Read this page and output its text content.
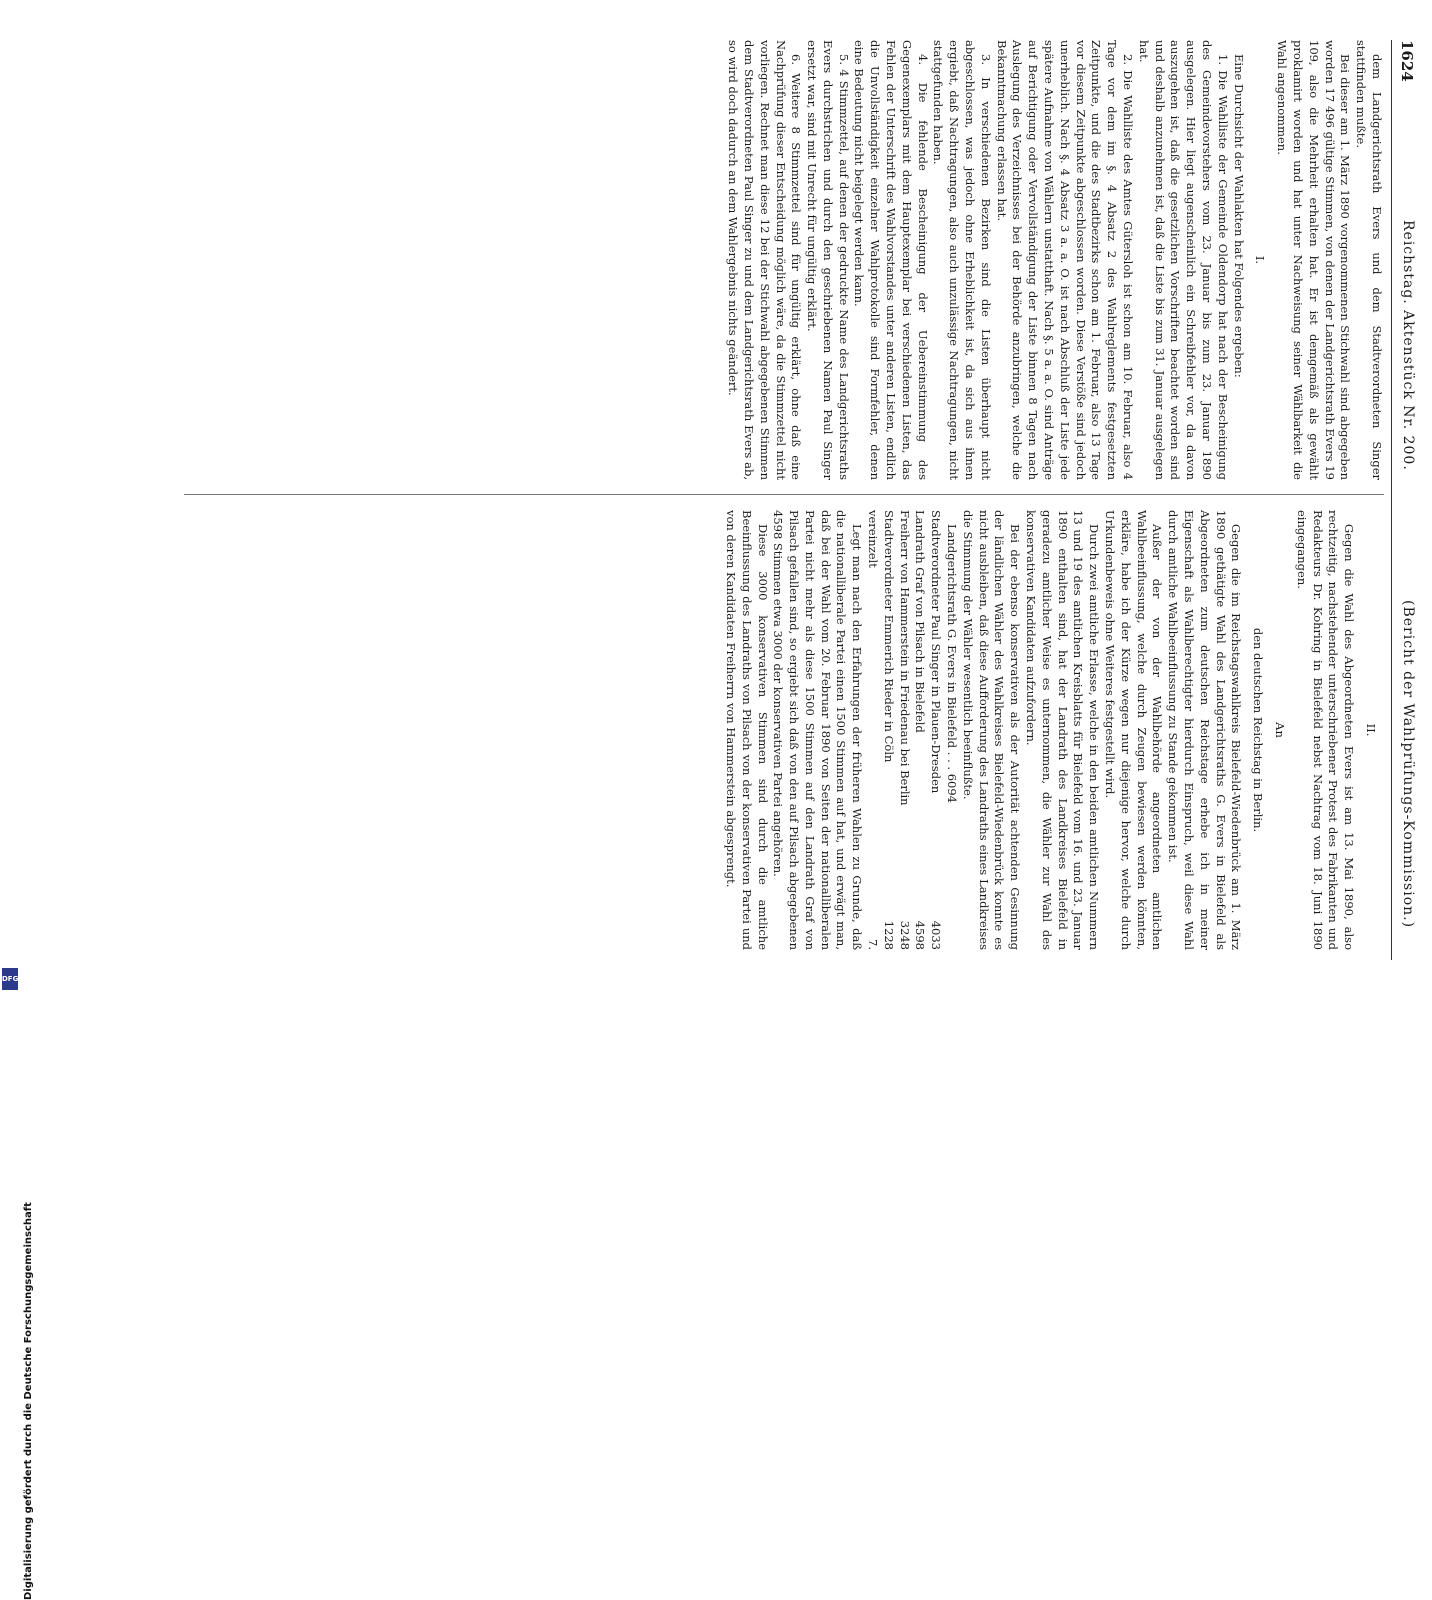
1624
Reichstag. Aktenstück Nr. 200.
(Bericht der Wahlprüfungs-Kommission.)

dem Landgerichtsrath Evers und dem Stadtverordneten Singer stattfinden mußte.

Bei dieser am 1. März 1890 vorgenommenen Stichwahl sind abgegeben worden 17 496 gültige Stimmen, von denen der Landgerichtsrath Evers 19 109, also die Mehrheit erhalten hat. Er ist demgemäß als gewählt proklamirt worden und hat unter Nachweisung seiner Wählbarkeit die Wahl angenommen.

I.

Eine Durchsicht der Wahlakten hat Folgendes ergeben:

1. Die Wahlliste der Gemeinde Oldendorp hat nach der Bescheinigung des Gemeindevorstehers vom 23. Januar bis zum 23. Januar 1890 ausgelegen. Hier liegt augenscheinlich ein Schreibfehler vor, da davon auszugehen ist, daß die gesetzlichen Vorschriften beachtet worden sind und deshalb anzunehmen ist, daß die Liste bis zum 31. Januar ausgelegen hat.

2. Die Wahlliste des Amtes Gütersloh ist schon am 10. Februar, also 4 Tage vor dem im §. 4 Absatz 2 des Wahlreglements festgesetzten Zeitpunkte, und die des Stadtbezirks schon am 1. Februar, also 13 Tage vor diesem Zeitpunkte abgeschlossen worden. Diese Verstöße sind jedoch unerheblich. Nach §. 4 Absatz 3 a. a. O. ist nach Abschluß der Liste jede spätere Aufnahme von Wählern unstatthaft. Nach §. 5 a. a. O. sind Anträge auf Berichtigung oder Vervollständigung der Liste binnen 8 Tagen nach Auslegung des Verzeichnisses bei der Behörde anzubringen, welche die Bekanntmachung erlassen hat.

3. In verschiedenen Bezirken sind die Listen überhaupt nicht abgeschlossen, was jedoch ohne Erheblichkeit ist, da sich aus ihnen ergiebt, daß Nachtragungen, also auch unzulässige Nachtragungen, nicht stattgefunden haben.

4. Die fehlende Bescheinigung der Uebereinstimmung des Gegenexemplars mit dem Hauptexemplar bei verschiedenen Listen, das Fehlen der Unterschrift des Wahlvorstandes unter anderen Listen, endlich die Unvollständigkeit einzelner Wahlprotokolle sind Formfehler, denen eine Bedeutung nicht beigelegt werden kann.

5. 4 Stimmzettel, auf denen der gedruckte Name des Landgerichtsraths Evers durchstrichen und durch den geschriebenen Namen Paul Singer ersetzt war, sind mit Unrecht für ungültig erklärt.

6. Weitere 8 Stimmzettel sind für ungültig erklärt, ohne daß eine Nachprüfung dieser Entscheidung möglich wäre, da die Stimmzettel nicht vorliegen. Rechnet man diese 12 bei der Stichwahl abgegebenen Stimmen dem Stadtverordneten Paul Singer zu und dem Landgerichtsrath Evers ab, so wird doch dadurch an dem Wahlergebnis nichts geändert.

II.

Gegen die Wahl des Abgeordneten Evers ist am 13. Mai 1890, also rechtzeitig, nachstehender unterschriebener Protest des Fabrikanten und Redakteurs Dr. Kohring in Bielefeld nebst Nachtrag vom 18. Juni 1890 eingegangen.

An

den deutschen Reichstag in Berlin.

Gegen die im Reichstagswahlkreis Bielefeld-Wiedenbrück am 1. März 1890 gethätigte Wahl des Landgerichtsraths G. Evers in Bielefeld als Abgeordneten zum deutschen Reichstage erhebe ich in meiner Eigenschaft als Wahlberechtigter hierdurch Einspruch, weil diese Wahl durch amtliche Wahlbeeinflussung zu Stande gekommen ist.

Außer der von der Wahlbehörde angeordneten amtlichen Wahlbeeinflussung, welche durch Zeugen bewiesen werden könnten, erkläre, habe ich der Kürze wegen nur diejenige hervor, welche durch Urkundenbeweis ohne Weiteres festgestellt wird.

Durch zwei amtliche Erlasse, welche in den beiden amtlichen Nummern 13 und 19 des amtlichen Kreisblatts für Bielefeld vom 16. und 23. Januar 1890 enthalten sind, hat der Landrath des Landkreises Bielefeld in geradezu amtlicher Weise es unternommen, die Wähler zur Wahl des konservativen Kandidaten aufzufordern.

Bei der ebenso konservativen als der Autorität achtenden Gesinnung der ländlichen Wähler des Wahlkreises Bielefeld-Wiedenbrück konnte es nicht ausbleiben, daß diese Aufforderung des Landraths eines Landkreises die Stimmung der Wähler wesentlich beeinflußte.

Landgerichtsrath G. Evers in Bielefeld . . . 6094

Stadtverordneter Paul Singer in Plauen-Dresden
4033

Landrath Graf von Pilsach in Bielefeld
4598

Freiherr von Hammerstein in Friedenau bei Berlin
3248

Stadtverordneter Emmerich Rieder in Cöln
1228

vereinzelt
7.

Legt man nach den Erfahrungen der früheren Wahlen zu Grunde, daß die nationalliberale Partei einen 1500 Stimmen auf hat, und erwägt man, daß bei der Wahl vom 20. Februar 1890 von Seiten der nationalliberalen Partei nicht mehr als diese 1500 Stimmen auf den Landrath Graf von Pilsach gefallen sind, so ergiebt sich daß von den auf Pilsach abgegebenen 4598 Stimmen etwa 3000 der konservativen Partei angehören.

Diese 3000 konservativen Stimmen sind durch die amtliche Beeinflussung des Landraths von Pilsach von der konservativen Partei und von deren Kandidaten Freiherrn von Hammerstein abgesprengt.

Digitalisierung gefördert durch die Deutsche Forschungsgemeinschaft
DFG
